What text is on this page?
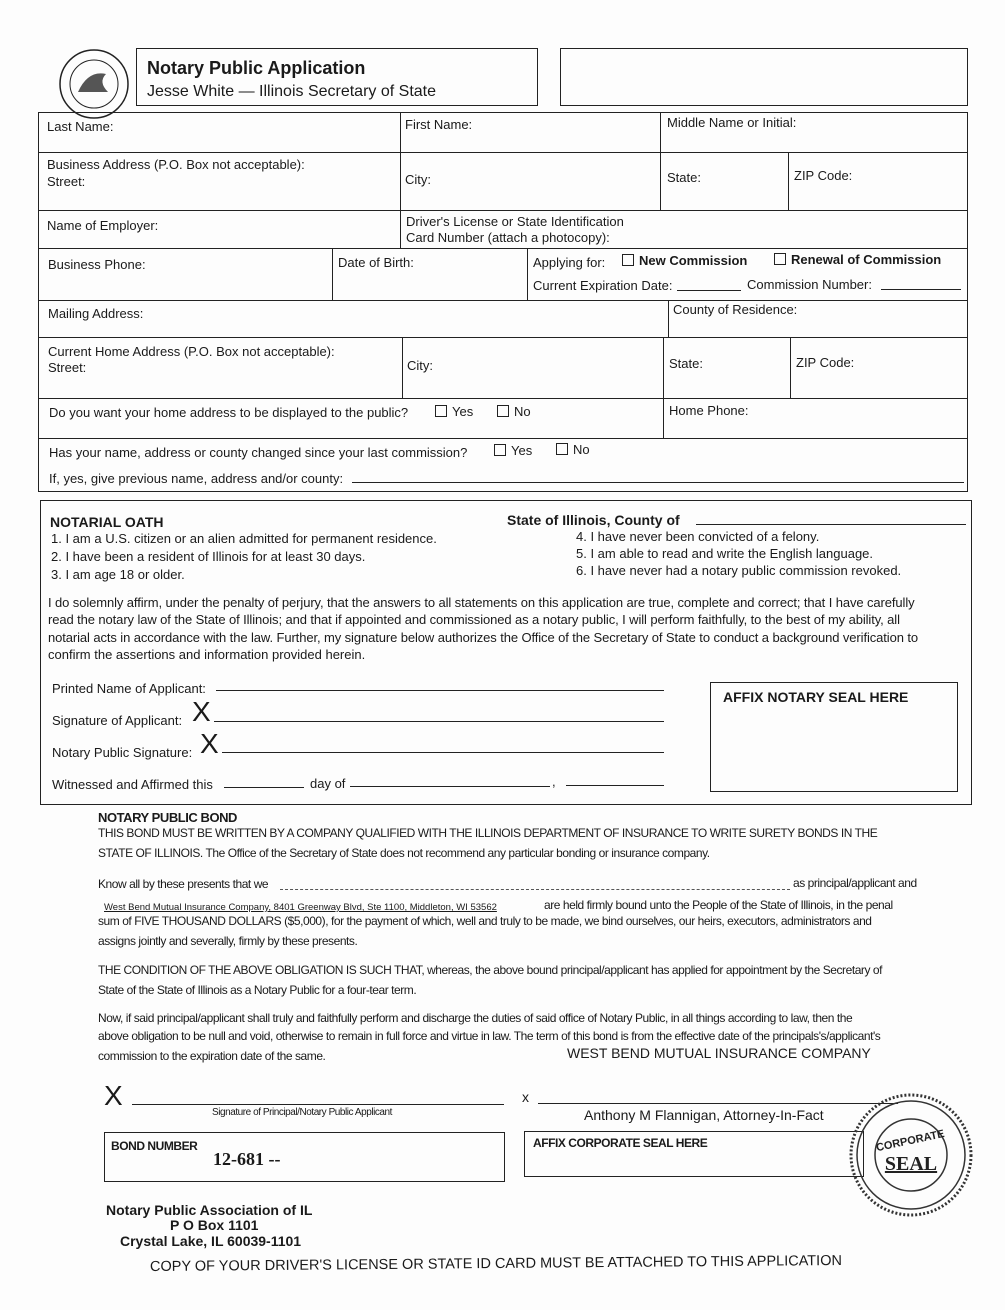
Notary Public Application
Jesse White — Illinois Secretary of State
Last Name:	First Name:	Middle Name or Initial:
Business Address (P.O. Box not acceptable):
Street:	City:	State:	ZIP Code:
Name of Employer:	Driver's License or State Identification
Card Number (attach a photocopy):
Business Phone:	Date of Birth:	Applying for:	New Commission	Renewal of Commission
Current Expiration Date:	Commission Number:
Mailing Address:	County of Residence:
Current Home Address (P.O. Box not acceptable):
Street:	City:	State:	ZIP Code:
Do you want your home address to be displayed to the public?	Yes	No	Home Phone:
Has your name, address or county changed since your last commission?	Yes	No
If, yes, give previous name, address and/or county:
NOTARIAL OATH	State of Illinois, County of
1. I am a U.S. citizen or an alien admitted for permanent residence.
2. I have been a resident of Illinois for at least 30 days.
3. I am age 18 or older.
4. I have never been convicted of a felony.
5. I am able to read and write the English language.
6. I have never had a notary public commission revoked.
I do solemnly affirm, under the penalty of perjury, that the answers to all statements on this application are true, complete and correct; that I have carefully
read the notary law of the State of Illinois; and that if appointed and commissioned as a notary public, I will perform faithfully, to the best of my ability, all
notarial acts in accordance with the law. Further, my signature below authorizes the Office of the Secretary of State to conduct a background verification to
confirm the assertions and information provided herein.
Printed Name of Applicant:
Signature of Applicant: X
Notary Public Signature: X
Witnessed and Affirmed this	day of	,
AFFIX NOTARY SEAL HERE
NOTARY PUBLIC BOND
THIS BOND MUST BE WRITTEN BY A COMPANY QUALIFIED WITH THE ILLINOIS DEPARTMENT OF INSURANCE TO WRITE SURETY BONDS IN THE
STATE OF ILLINOIS. The Office of the Secretary of State does not recommend any particular bonding or insurance company.
Know all by these presents that we	as principal/applicant and
West Bend Mutual Insurance Company, 8401 Greenway Blvd, Ste 1100, Middleton, WI 53562	are held firmly bound unto the People of the State of Illinois, in the penal
sum of FIVE THOUSAND DOLLARS ($5,000), for the payment of which, well and truly to be made, we bind ourselves, our heirs, executors, administrators and
assigns jointly and severally, firmly by these presents.
THE CONDITION OF THE ABOVE OBLIGATION IS SUCH THAT, whereas, the above bound principal/applicant has applied for appointment by the Secretary of
State of the State of Illinois as a Notary Public for a four-tear term.
Now, if said principal/applicant shall truly and faithfully perform and discharge the duties of said office of Notary Public, in all things according to law, then the
above obligation to be null and void, otherwise to remain in full force and virtue in law. The term of this bond is from the effective date of the principals's/applicant's
commission to the expiration date of the same.	WEST BEND MUTUAL INSURANCE COMPANY
X
Signature of Principal/Notary Public Applicant
x
Anthony M Flannigan, Attorney-In-Fact
BOND NUMBER
12-681 --
AFFIX CORPORATE SEAL HERE	CORPORATE
SEAL
Notary Public Association of IL
P O Box 1101
Crystal Lake, IL 60039-1101
COPY OF YOUR DRIVER'S LICENSE OR STATE ID CARD MUST BE ATTACHED TO THIS APPLICATION
